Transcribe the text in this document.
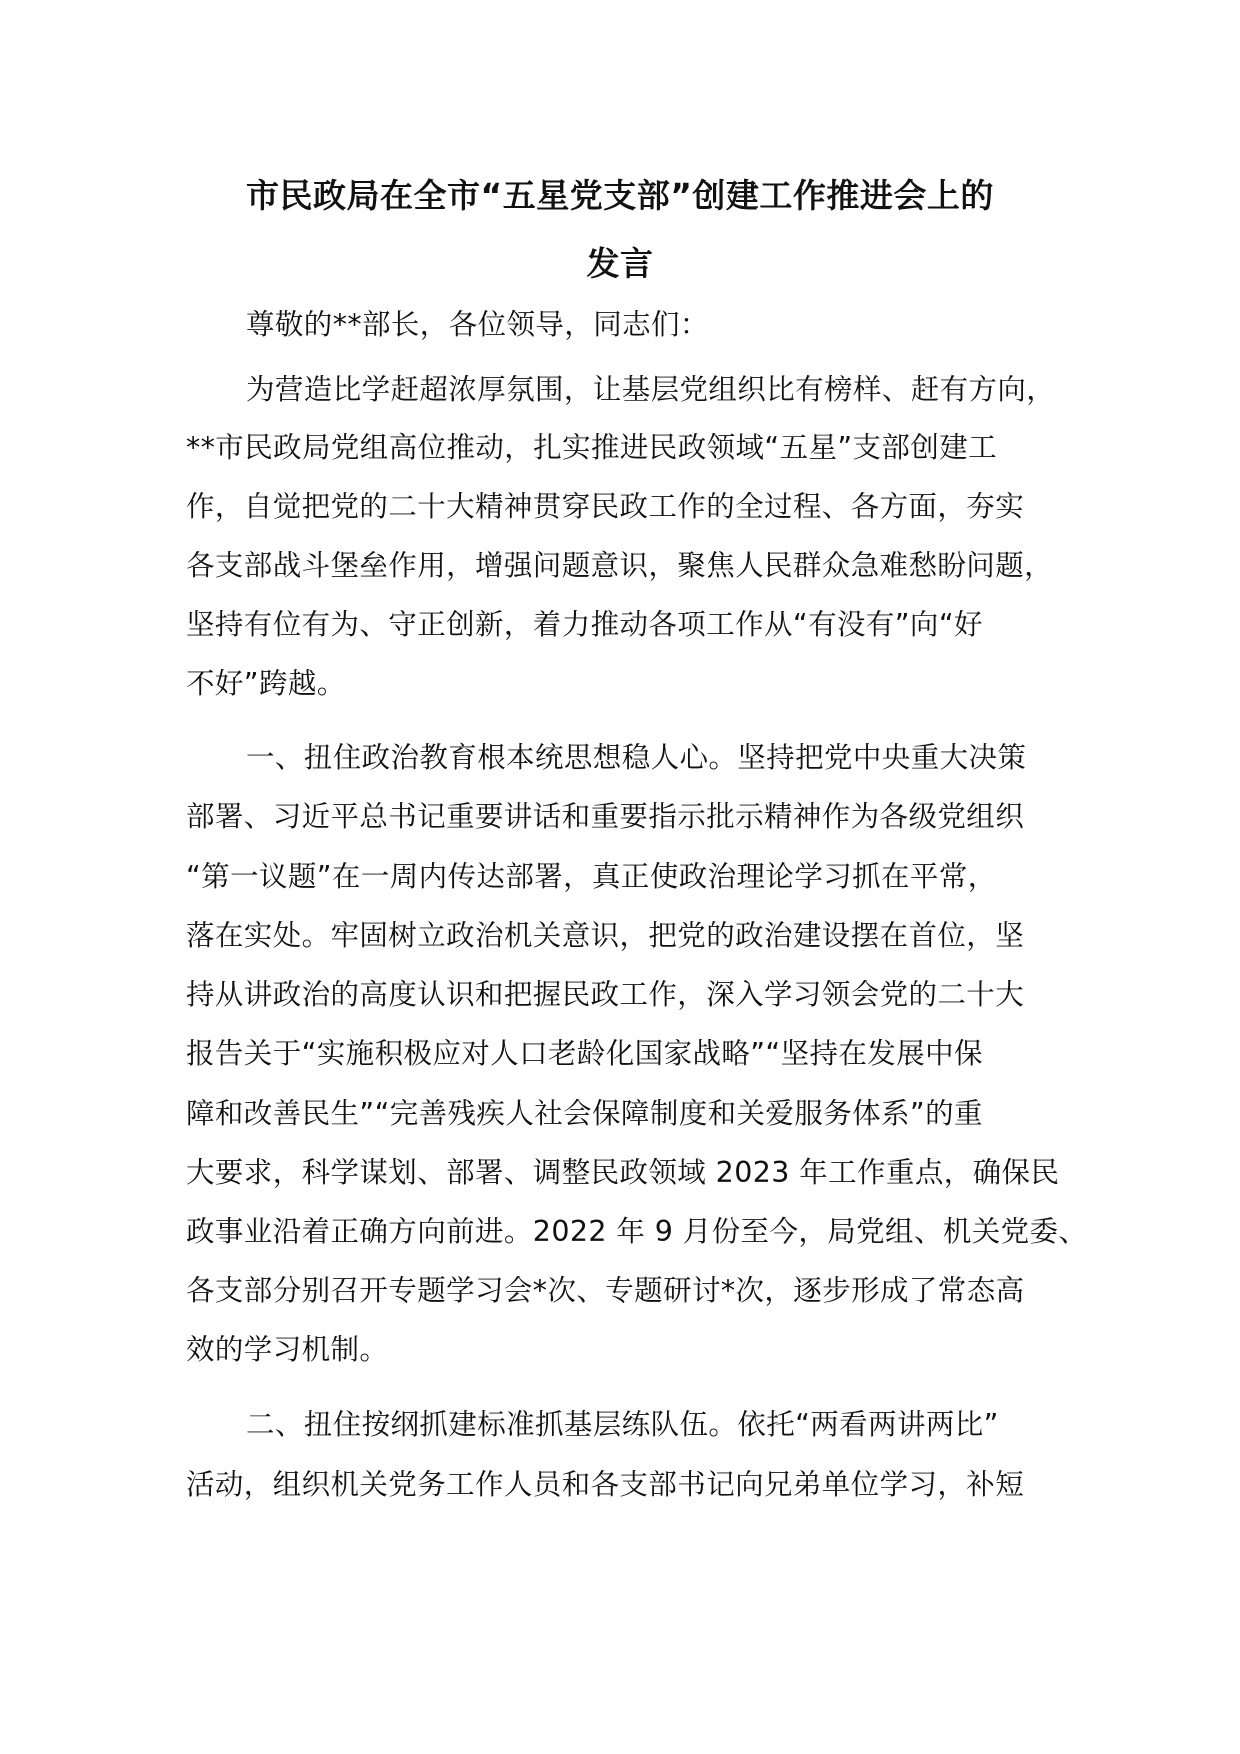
市民政局在全市“五星党支部”创建工作推进会上的
发言

尊敬的**部长，各位领导，同志们：

为营造比学赶超浓厚氛围，让基层党组织比有榜样、赶有方向，

**市民政局党组高位推动，扎实推进民政领域“五星”支部创建工

作，自觉把党的二十大精神贯穿民政工作的全过程、各方面，夯实

各支部战斗堡垒作用，增强问题意识，聚焦人民群众急难愁盼问题，

坚持有位有为、守正创新，着力推动各项工作从“有没有”向“好

不好”跨越。

一、扭住政治教育根本统思想稳人心。坚持把党中央重大决策

部署、习近平总书记重要讲话和重要指示批示精神作为各级党组织

“第一议题”在一周内传达部署，真正使政治理论学习抓在平常，

落在实处。牢固树立政治机关意识，把党的政治建设摆在首位，坚

持从讲政治的高度认识和把握民政工作，深入学习领会党的二十大

报告关于“实施积极应对人口老龄化国家战略”“坚持在发展中保

障和改善民生”“完善残疾人社会保障制度和关爱服务体系”的重

大要求，科学谋划、部署、调整民政领域 2023 年工作重点，确保民

政事业沿着正确方向前进。2022 年 9 月份至今，局党组、机关党委、

各支部分别召开专题学习会*次、专题研讨*次，逐步形成了常态高

效的学习机制。

二、扭住按纲抓建标准抓基层练队伍。依托“两看两讲两比”

活动，组织机关党务工作人员和各支部书记向兄弟单位学习，补短
